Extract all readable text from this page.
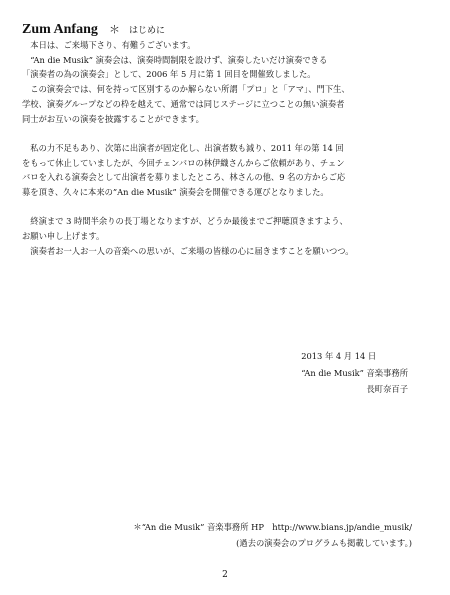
Zum Anfang ＊ はじめに

　本日は、ご来場下さり、有難うございます。

　“An die Musik” 演奏会は、演奏時間制限を設けず、演奏したいだけ演奏できる

「演奏者の為の演奏会」として、2006 年 5 月に第 1 回目を開催致しました。

　この演奏会では、何を持って区別するのか解らない所謂「プロ」と「アマ」、門下生、

学校、演奏グループなどの枠を越えて、通常では同じステージに立つことの無い演奏者

同士がお互いの演奏を披露することができます。

　私の力不足もあり、次第に出演者が固定化し、出演者数も減り、2011 年の第 14 回

をもって休止していましたが、今回チェンバロの林伊織さんからご依頼があり、チェン

バロを入れる演奏会として出演者を募りましたところ、林さんの他、9 名の方からご応

募を頂き、久々に本来の”An die Musik” 演奏会を開催できる運びとなりました。

　終演まで 3 時間半余りの長丁場となりますが、どうか最後までご押聴頂きますよう、

お願い申し上げます。

　演奏者お一人お一人の音楽への思いが、ご来場の皆様の心に届きますことを願いつつ。

2013 年 4 月 14 日

“An die Musik” 音楽事務所

長町奈百子

＊“An die Musik” 音楽事務所 HP　http://www.bians.jp/andie_musik/

(過去の演奏会のプログラムも掲載しています。)

2
